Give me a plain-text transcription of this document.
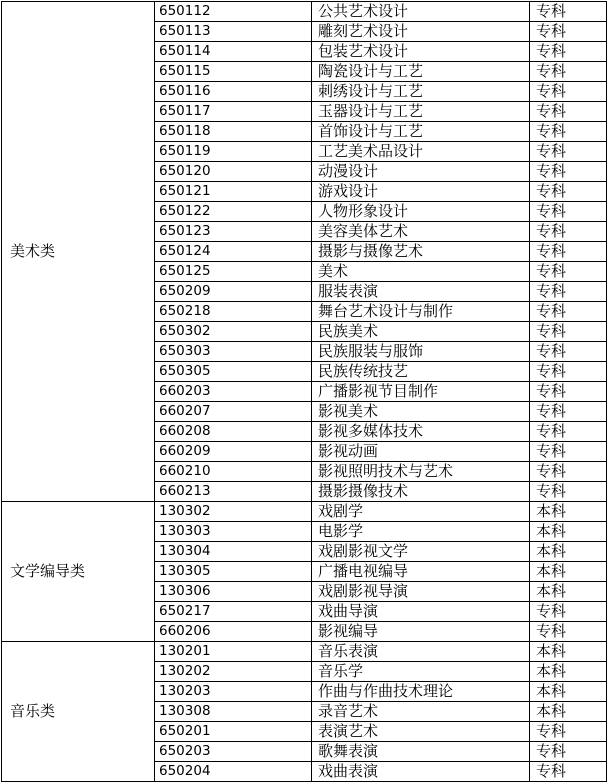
美术类	650112	公共艺术设计	专科
	650113	雕刻艺术设计	专科
	650114	包装艺术设计	专科
	650115	陶瓷设计与工艺	专科
	650116	刺绣设计与工艺	专科
	650117	玉器设计与工艺	专科
	650118	首饰设计与工艺	专科
	650119	工艺美术品设计	专科
	650120	动漫设计	专科
	650121	游戏设计	专科
	650122	人物形象设计	专科
	650123	美容美体艺术	专科
	650124	摄影与摄像艺术	专科
	650125	美术	专科
	650209	服装表演	专科
	650218	舞台艺术设计与制作	专科
	650302	民族美术	专科
	650303	民族服装与服饰	专科
	650305	民族传统技艺	专科
	660203	广播影视节目制作	专科
	660207	影视美术	专科
	660208	影视多媒体技术	专科
	660209	影视动画	专科
	660210	影视照明技术与艺术	专科
	660213	摄影摄像技术	专科
文学编导类	130302	戏剧学	本科
	130303	电影学	本科
	130304	戏剧影视文学	本科
	130305	广播电视编导	本科
	130306	戏剧影视导演	本科
	650217	戏曲导演	专科
	660206	影视编导	专科
音乐类	130201	音乐表演	本科
	130202	音乐学	本科
	130203	作曲与作曲技术理论	本科
	130308	录音艺术	本科
	650201	表演艺术	专科
	650203	歌舞表演	专科
	650204	戏曲表演	专科
